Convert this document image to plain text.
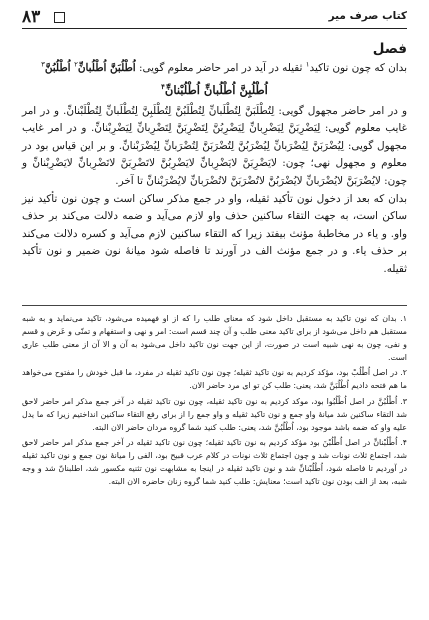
۸۳	کتاب صرف میر
فصل

بدان که چون نون تاکید$^۱$ ثقیله در آید در امر حاضر معلوم گویی: اُطْلُبَنَّ اُطْلُبانِّ$^۲$ اُطْلُبُنَّ$^۳$

اُطْلُبِنَّ اُطْلُبانِّ اُطْلُبْنانِّ$^۴$

و در امر حاضر مجهول گویی: لِتُطْلَبَنَّ لِتُطْلَبانِّ لِتُطْلَبُنَّ لِتُطْلَبِنَّ لِتُطْلَبانِّ لِتُطْلَبْنانِّ. و در امر غایب معلوم گویی: لِیَضْرِبَنَّ لِیَضْرِبانِّ لِیَضْرِبُنَّ لِتَضْرِبَنَّ لِتَضْرِبانِّ لِیَضْرِبْنانِّ. و در امر غایب مجهول گویی: لِیُضْرَبَنَّ لِیُضْرَبانِّ لِیُضْرَبُنَّ لِتُضْرَبَنَّ لِتُضْرَبانِّ لِیُضْرَبْنانِّ. و بر این قیاس بود در معلوم و مجهول نهی؛ چون: لایَضْرِبَنَّ لایَضْرِبانِّ لایَضْرِبُنَّ لاتَضْرِبَنَّ لاتَضْرِبانِّ لایَضْرِبْنانِّ و چون: لایُضْرَبَنَّ لایُضْرَبانِّ لایُضْرَبُنَّ لاتُضْرَبَنَّ لاتُضْرَبانِّ لایُضْرَبْنانِّ تا آخر.

بدان که بعد از دخول نون تأکید ثقیله، واو در جمع مذکر ساکن است و چون نون تأکید نیز ساکن است، به جهت التقاء ساکنین حذف واو لازم می‌آید و ضمه دلالت می‌کند بر حذف واو. و یاء در مخاطبهٔ مؤنث بیفتد زیرا که التقاء ساکنین لازم می‌آید و کسره دلالت می‌کند بر حذف یاء. و در جمع مؤنث الف در آورند تا فاصله شود میانهٔ نون ضمیر و نون تأکید ثقیله.

۱. بدان که نون تاکید به مستقبل داخل شود که معنای طلب را که از او فهمیده می‌شود، تاکید می‌نماید و به شبه مستقبل هم داخل می‌شود از برای تاکید معنی طلب و آن چند قسم است: امر و نهی و استفهام و تمنّی و عَرض و قسم و نفی، چون به نهی شبیه است در صورت، از این جهت نون تاکید داخل می‌شود به آن و الا آن از معنی طلب عاری است.

۲. در اصل اُطْلُبْ بود، مؤکد کردیم به نون تاکید ثقیله؛ چون نون تاکید ثقیله در مفرد، ما قبل خودش را مفتوح می‌خواهد ما هم فتحه دادیم اُطْلُبَنَّ شد، یعنی: طلب کن تو ای مرد حاضر الان.

۳. اُطْلُبُنَّ در اصل اُطْلُبُوا بود، موکد کردیم به نون تاکید ثقیله، چون نون تاکید ثقیله در آخر جمع مذکر امر حاضر لاحق شد التقاء ساکنین شد میانهٔ واو جمع و نون تاکید ثقیله و واو جمع را از برای رفع التقاء ساکنین انداختیم زیرا که ما یدل علیه واو که ضمه باشد موجود بود، اُطْلُبُنَّ شد، یعنی: طلب کنید شما گروه مردان حاضر الان البته.

۴. اُطْلُبْنانِّ در اصل اُطْلُبْنَ بود مؤکد کردیم به نون تاکید ثقیله؛ چون نون تاکید ثقیله در آخر جمع مذکر امر حاضر لاحق شد، اجتماع ثلاث نونات شد و چون اجتماع ثلاث نونات در کلام عرب قبیح بود، الفی را میانهٔ نون جمع و نون تاکید ثقیله در آوردیم تا فاصله شود، اُطْلُبْنانِّ شد و نون تاکید ثقیله در اینجا به مشابهت نون تثنیه مکسور شد، اطلبنانّ شد و وجه شبه، بعد از الف بودن نون تاکید است؛ معنایش: طلب کنید شما گروه زنان حاضره الان البته.
